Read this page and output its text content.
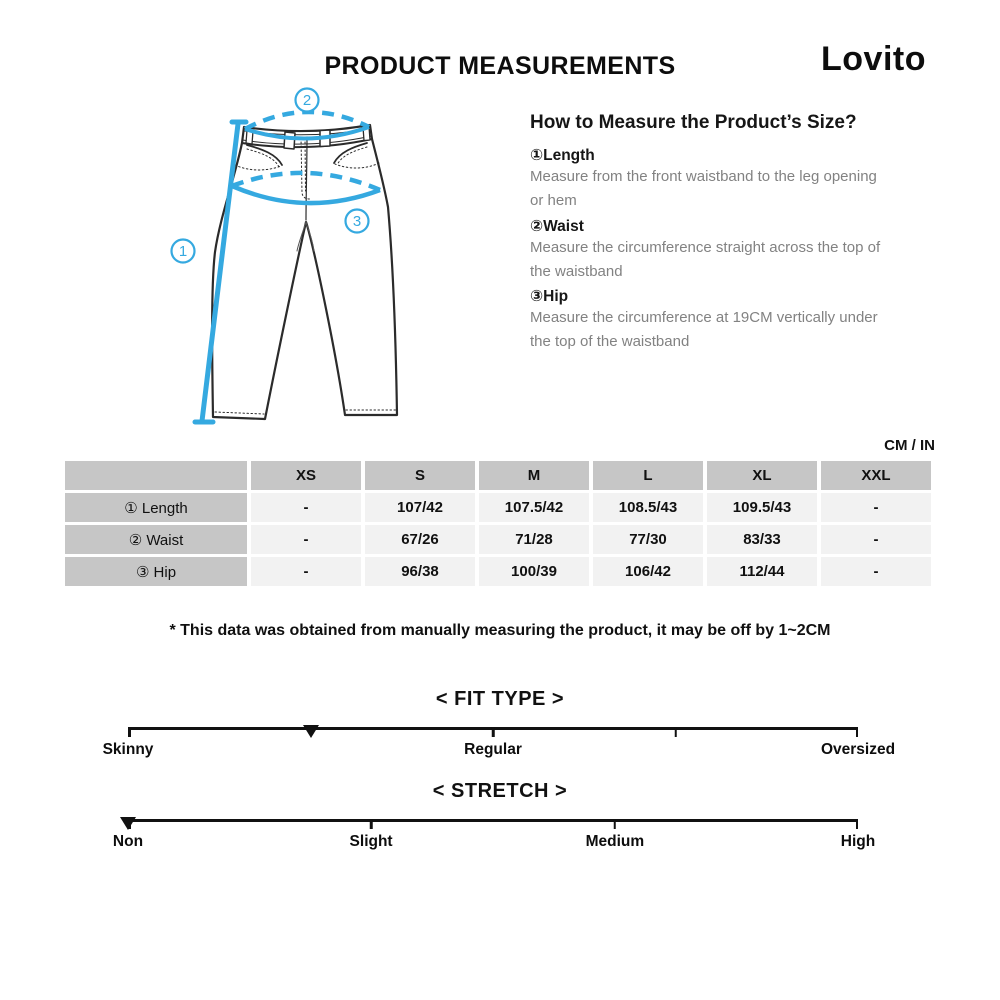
PRODUCT MEASUREMENTS	Lovito
1
2
3
How to Measure the Product’s Size?
①Length
Measure from the front waistband to the leg opening or hem
②Waist
Measure the circumference straight across the top of the waistband
③Hip
Measure the circumference at 19CM vertically under the top of the waistband
CM / IN
	XS	S	M	L	XL	XXL
① Length	-	107/42	107.5/42	108.5/43	109.5/43	-
② Waist	-	67/26	71/28	77/30	83/33	-
③ Hip	-	96/38	100/39	106/42	112/44	-
* This data was obtained from manually measuring the product, it may be off by 1~2CM
< FIT TYPE >
Skinny	Regular	Oversized
< STRETCH >
Non	Slight	Medium	High
